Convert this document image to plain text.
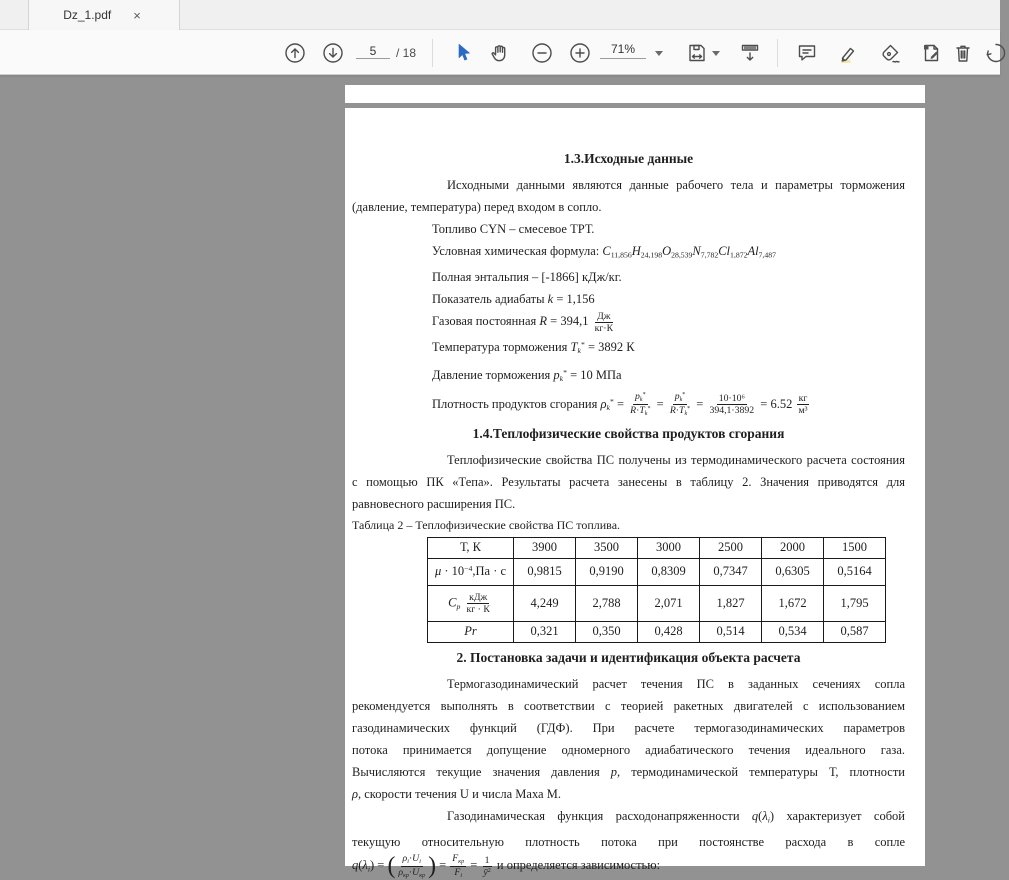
Dz_1.pdf	×
5
/ 18	71%
1.3.Исходные данные
Исходными данными являются данные рабочего тела и параметры торможения
(давление, температура) перед входом в сопло.
Топливо CYN – смесевое ТРТ.
Условная химическая формула: $C_{11,856}H_{24,198}O_{28,539}N_{7,782}Cl_{1,872}Al_{7,487}$
Полная энтальпия – [-1866] кДж/кг.
Показатель адиабаты k = 1,156
Газовая постоянная $R = 394,1 \frac{Дж}{кг\cdot К}$
Температура торможения $T_k^* = 3892$ К
Давление торможения $p_k^* = 10$ МПа
Плотность продуктов сгорания $\rho_k^* = \frac{p_k^*}{R\cdot T_k^*} = \frac{p_k^*}{R\cdot T_k^*} = \frac{\text{10·10⁶}}{394,1\cdot 3892} = 6.52 \frac{кг}{\text{м³}}$
1.4.Теплофизические свойства продуктов сгорания
Теплофизические свойства ПС получены из термодинамического расчета состояния
с помощью ПК «Тепа». Результаты расчета занесены в таблицу 2. Значения приводятся для
равновесного расширения ПС.
Таблица 2 – Теплофизические свойства ПС топлива.
Т, К	3900	3500	3000	2500	2000	1500
$\mu \cdot 10^{-4},Па \cdot с$	0,9815	0,9190	0,8309	0,7347	0,6305	0,5164
$C_p \frac{\text{кДж}}{кг \cdot К}$	4,249	2,788	2,071	1,827	1,672	1,795
Pr	0,321	0,350	0,428	0,514	0,534	0,587
2. Постановка задачи и идентификация объекта расчета
Термогазодинамический расчет течения ПС в заданных сечениях сопла
рекомендуется выполнять в соответствии с теорией ракетных двигателей с использованием
газодинамических функций (ГДФ). При расчете термогазодинамических параметров
потока принимается допущение одномерного адиабатического течения идеального газа.
Вычисляются текущие значения давления p, термодинамической температуры Т, плотности
ρ, скорости течения U и числа Маха М.
Газодинамическая функция расходонапряженности $q(\lambda_i)$ характеризует собой
текущую относительную плотность потока при постоянстве расхода в сопле
$q(\lambda_i)$ = ( $\frac{\rho_i\cdot U_i}{\rho_{кр}\cdot U_{кр}}$ ) = $\frac{F_{кр}}{F_i} = \frac{1}{ȳ^2}$ и определяется зависимостью:
